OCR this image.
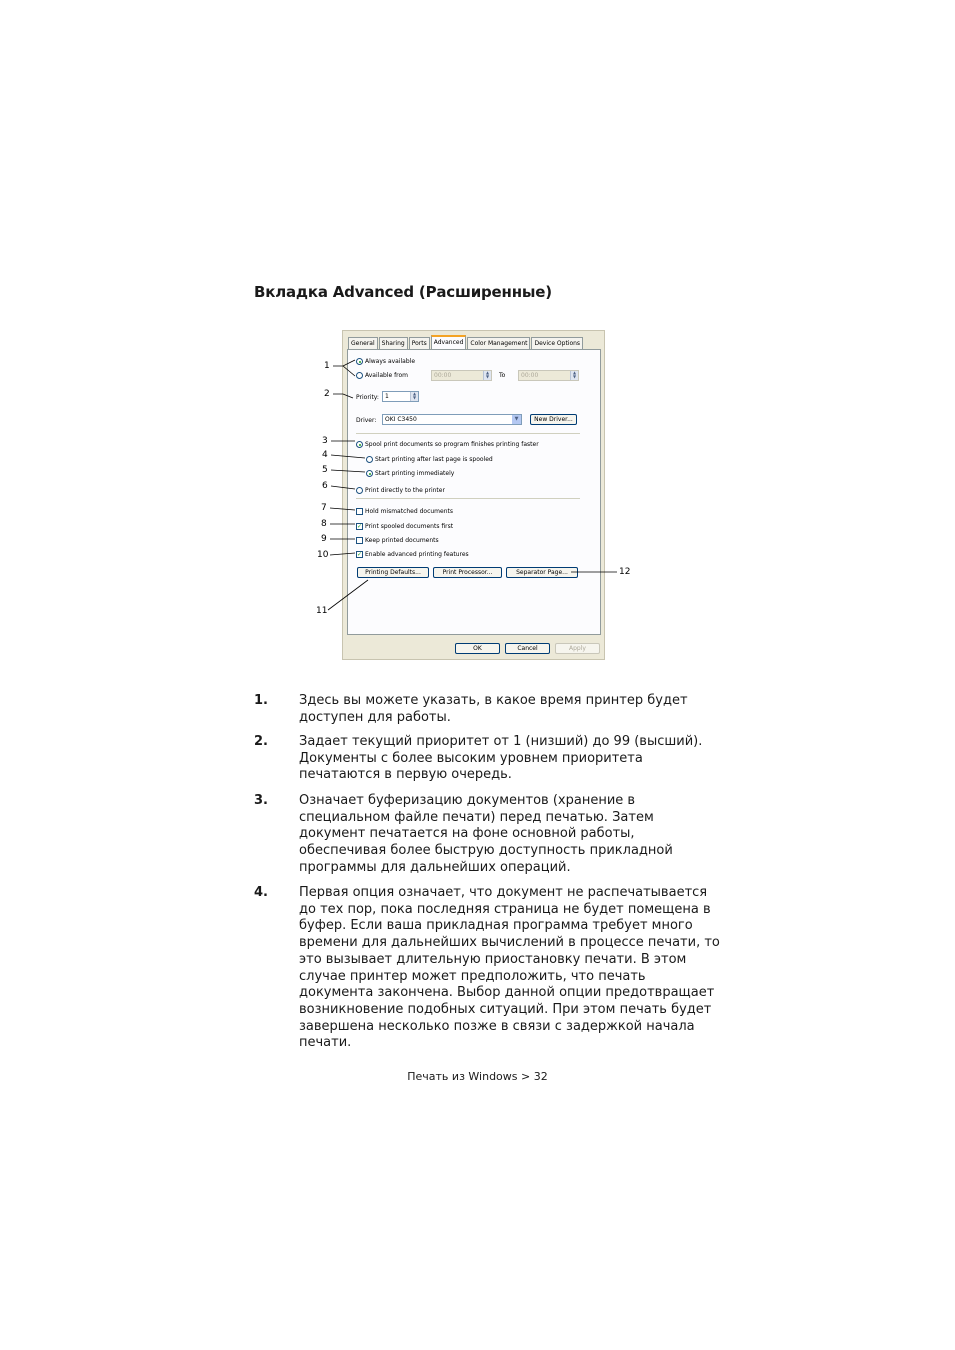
Вкладка Advanced (Расширенные)
General	Sharing	Ports	Advanced	Color Management	Device Options
Always available
Available from	00:00	▲
▼	To	00:00	▲
▼
Priority:	1	▲
▼
Driver:	OKI C3450	▼	New Driver...
Spool print documents so program finishes printing faster
Start printing after last page is spooled
Start printing immediately
Print directly to the printer
Hold mismatched documents
✓ Print spooled documents first
Keep printed documents
✓ Enable advanced printing features
Printing Defaults...	Print Processor...	Separator Page...
OK	Cancel	Apply
1
2
3
4
5
6
7
8
9
10
11
12
1. Здесь вы можете указать, в какое время принтер будет доступен для работы.
2. Задает текущий приоритет от 1 (низший) до 99 (высший). Документы с более высоким уровнем приоритета печатаются в первую очередь.
3. Означает буферизацию документов (хранение в специальном файле печати) перед печатью. Затем документ печатается на фоне основной работы, обеспечивая более быструю доступность прикладной программы для дальнейших операций.
4. Первая опция означает, что документ не распечатывается до тех пор, пока последняя страница не будет помещена в буфер. Если ваша прикладная программа требует много времени для дальнейших вычислений в процессе печати, то это вызывает длительную приостановку печати. В этом случае принтер может предположить, что печать документа закончена. Выбор данной опции предотвращает возникновение подобных ситуаций. При этом печать будет завершена несколько позже в связи с задержкой начала печати.
Печать из Windows > 32
